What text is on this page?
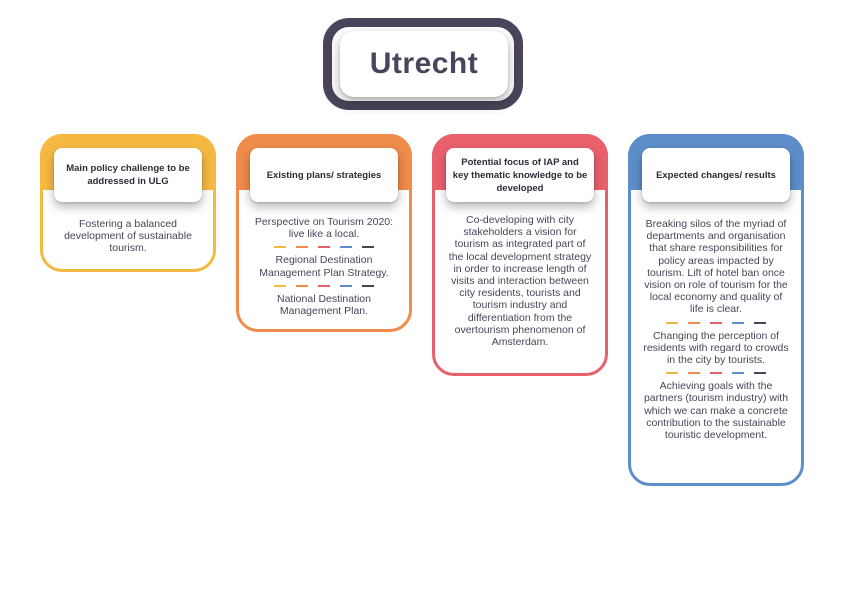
Utrecht
Main policy challenge to be addressed in ULG

Fostering a balanced development of sustainable tourism.

Existing plans/ strategies

Perspective on Tourism 2020: live like a local.

Regional Destination Management Plan Strategy.

National Destination Management Plan.

Potential focus of IAP and key thematic knowledge to be developed

Co-developing with city stakeholders a vision for tourism as integrated part of the local development strategy in order to increase length of visits and interaction between city residents, tourists and tourism industry and differentiation from the overtourism phenomenon of Amsterdam.

Expected changes/ results

Breaking silos of the myriad of departments and organisation that share responsibilities for policy areas impacted by tourism. Lift of hotel ban once vision on role of tourism for the local economy and quality of life is clear.

Changing the perception of residents with regard to crowds in the city by tourists.

Achieving goals with the partners (tourism industry) with which we can make a concrete contribution to the sustainable touristic development.
